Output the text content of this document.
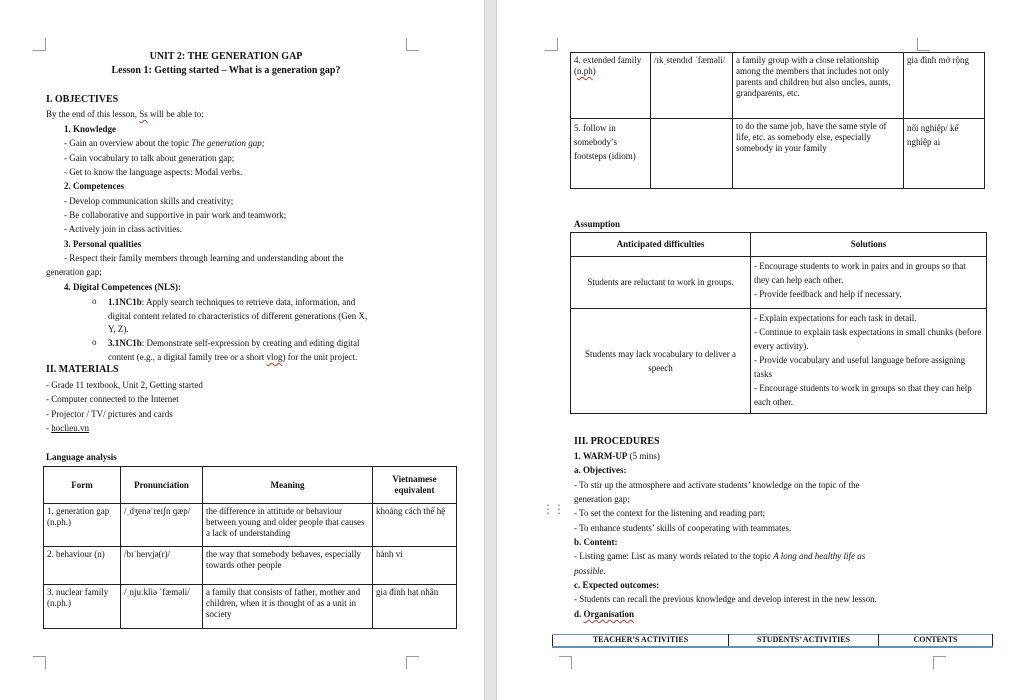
UNIT 2: THE GENERATION GAP
Lesson 1: Getting started – What is a generation gap?
I. OBJECTIVES
By the end of this lesson, Ss will be able to:
1. Knowledge
- Gain an overview about the topic The generation gap;
- Gain vocabulary to talk about generation gap;
- Get to know the language aspects: Modal verbs.
2. Competences
- Develop communication skills and creativity;
- Be collaborative and supportive in pair work and teamwork;
- Actively join in class activities.
3. Personal qualities
- Respect their family members through learning and understanding about the
generation gap;
4. Digital Competences (NLS):
o 1.1NC1b: Apply search techniques to retrieve data, information, and
digital content related to characteristics of different generations (Gen X,
Y, Z).
o 3.1NC1b: Demonstrate self-expression by creating and editing digital
content (e.g., a digital family tree or a short vlog) for the unit project.
II. MATERIALS
- Grade 11 textbook, Unit 2, Getting started
- Computer connected to the Internet
- Projector / TV/ pictures and cards
- hoclieu.vn
Language analysis
Form	Pronunciation	Meaning	Vietnamese equivalent
1. generation gap (n.ph.)	/ˌdʒenəˈreɪʃn ɡæp/	the difference in attitude or behaviour between young and older people that causes a lack of understanding	khoảng cách thế hệ
2. behaviour (n)	/bɪˈheɪvjə(r)/	the way that somebody behaves, especially towards other people	hành vi
3. nuclear family (n.ph.)	/ˌnjuːkliə ˈfæməli/	a family that consists of father, mother and children, when it is thought of as a unit in society	gia đình hạt nhân
4. extended family (n.ph)	/ɪkˌstendɪd ˈfæməli/	a family group with a close relationship among the members that includes not only parents and children but also uncles, aunts, grandparents, etc.	gia đình mở rộng
5. follow in somebody’s footsteps (idiom)		to do the same job, have the same style of life, etc. as somebody else, especially somebody in your family	nối nghiệp/ kế nghiệp ai
Assumption
Anticipated difficulties	Solutions
Students are reluctant to work in groups.	- Encourage students to work in pairs and in groups so that they can help each other.
- Provide feedback and help if necessary.

Students may lack vocabulary to deliver a speech	- Explain expectations for each task in detail.
- Continue to explain task expectations in small chunks (before every activity).
- Provide vocabulary and useful language before assigning tasks
- Encourage students to work in groups so that they can help each other.
⋮⋮
III. PROCEDURES
1. WARM-UP (5 mins)
a. Objectives:
- To stir up the atmosphere and activate students’ knowledge on the topic of the
generation gap;
- To set the context for the listening and reading part;
- To enhance students’ skills of cooperating with teammates.
b. Content:
- Listing game: List as many words related to the topic A long and healthy life as
possible.
c. Expected outcomes:
- Students can recall the previous knowledge and develop interest in the new lesson.
d. Organisation
TEACHER’S ACTIVITIES	STUDENTS’ ACTIVITIES	CONTENTS
